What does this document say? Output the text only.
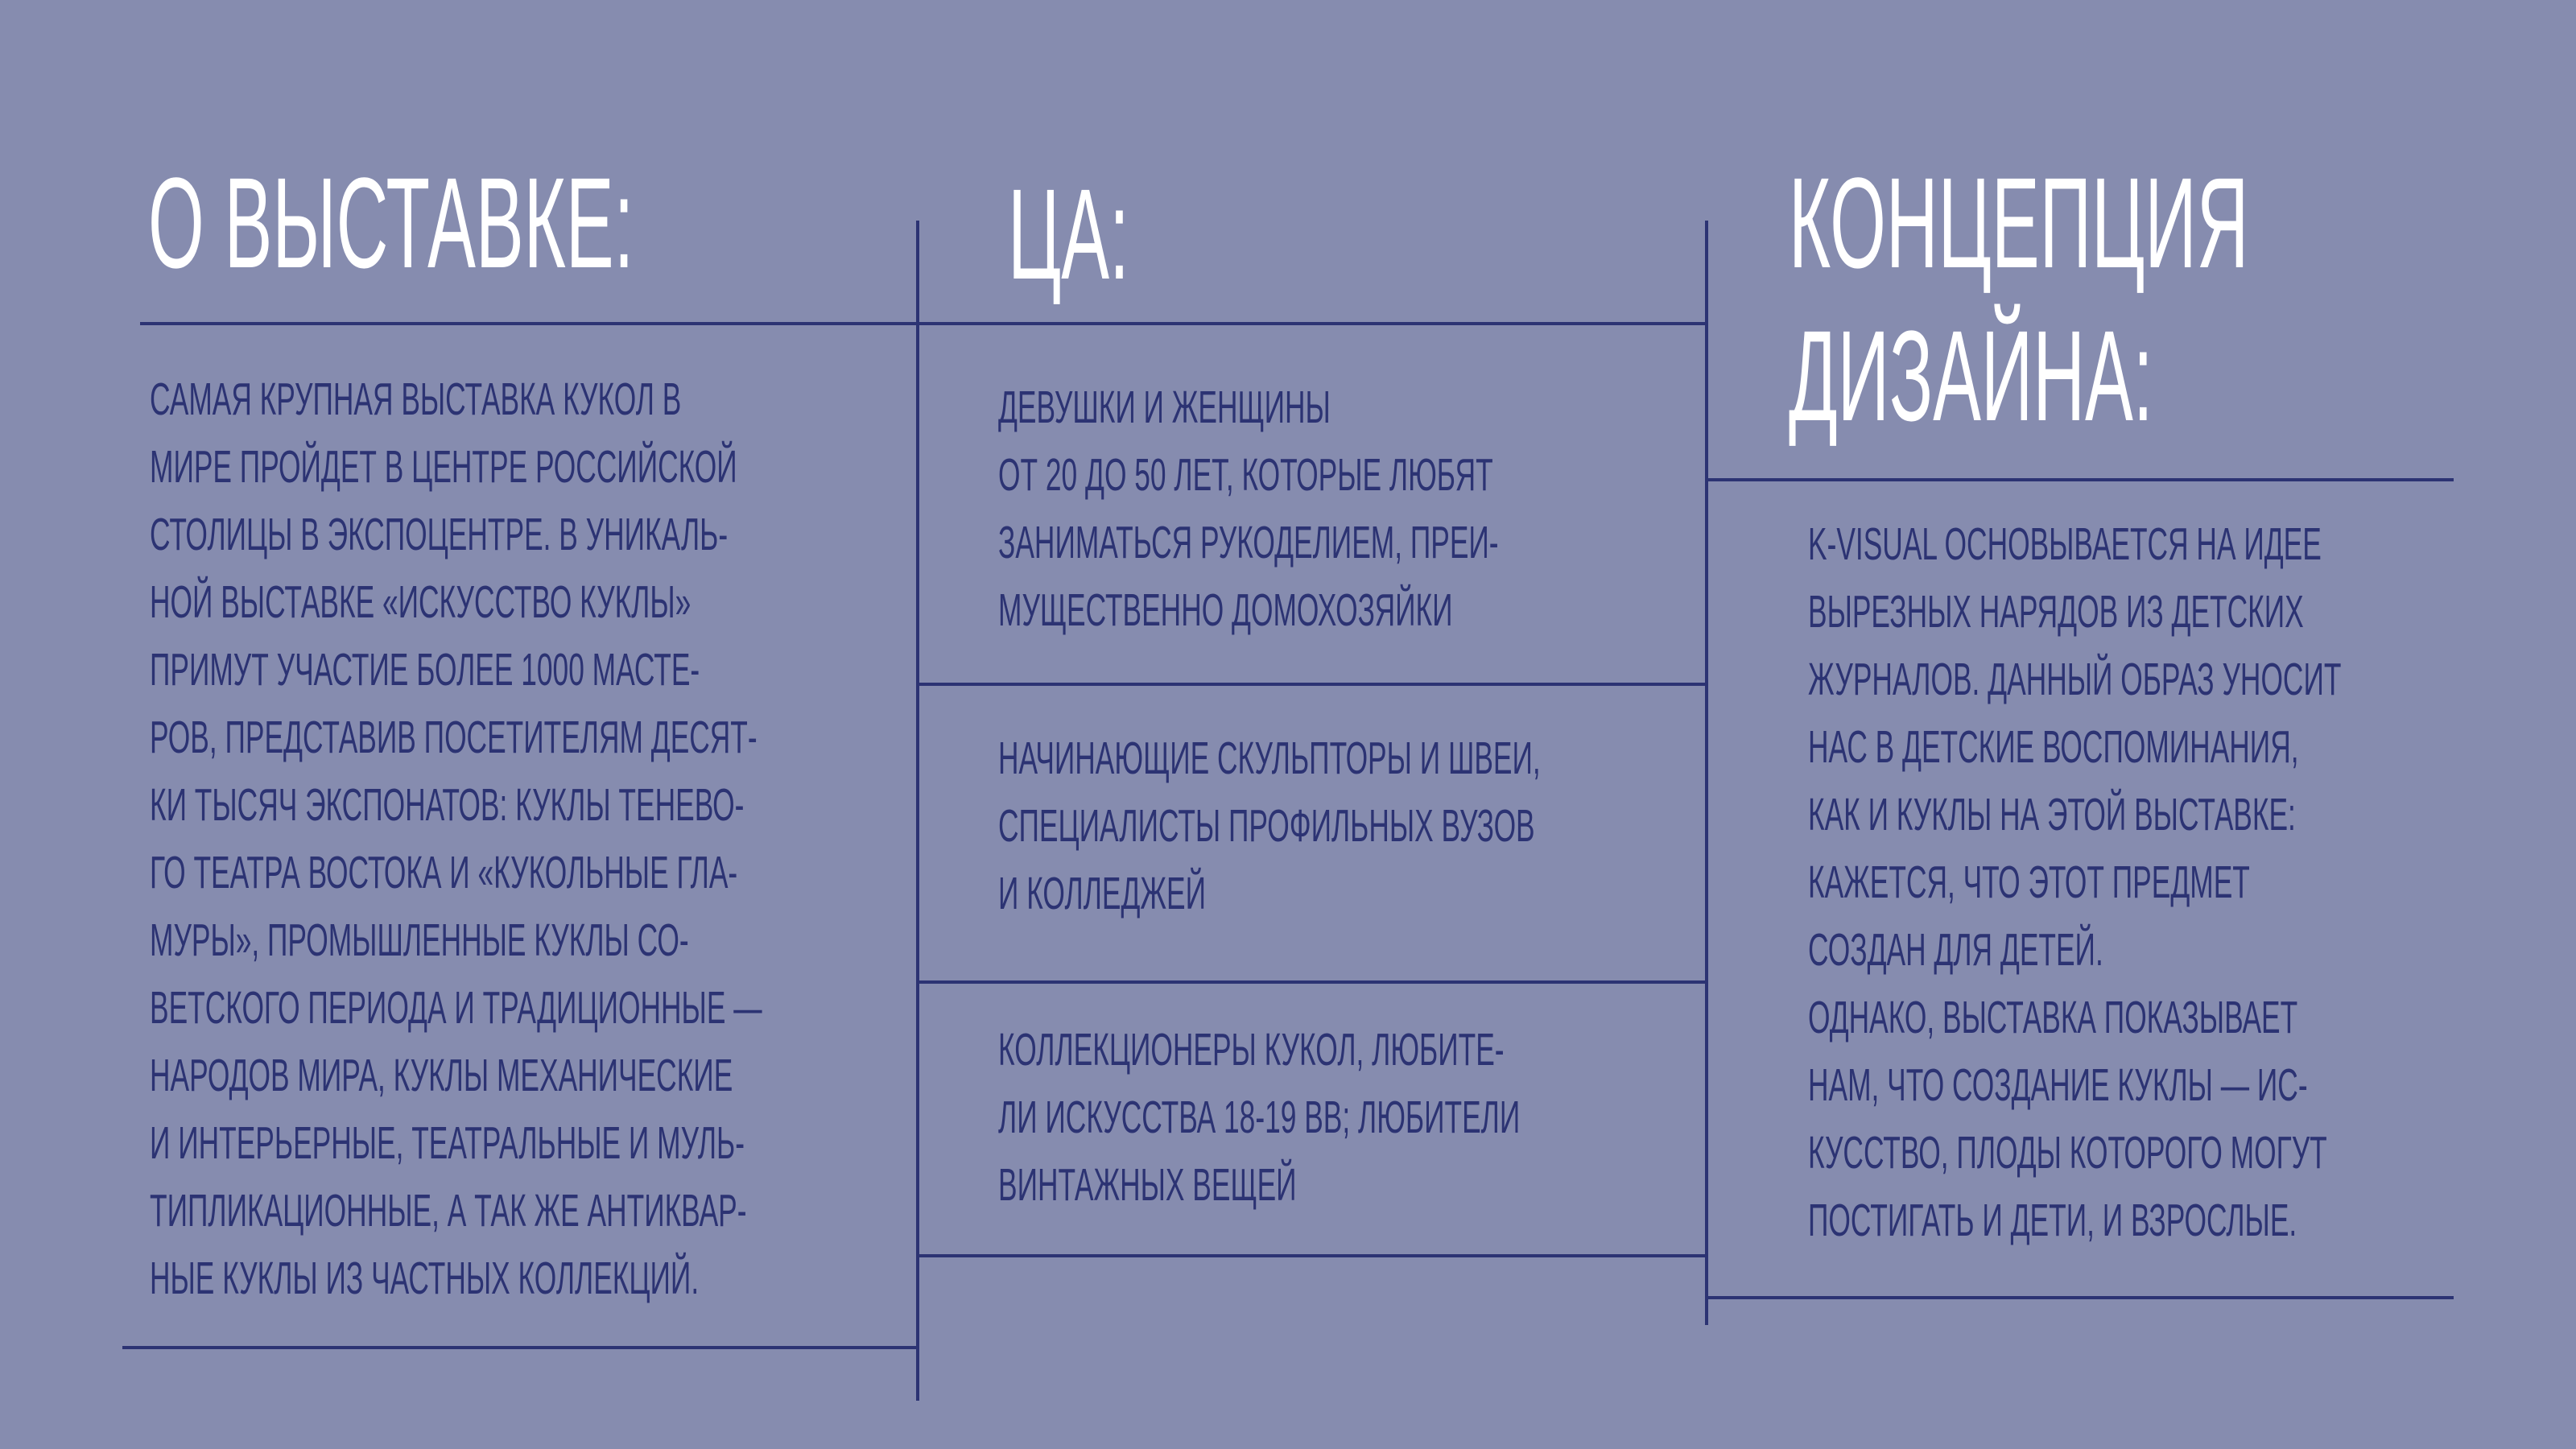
О ВЫСТАВКЕ:	ЦА:	КОНЦЕПЦИЯ
ДИЗАЙНА:
САМАЯ КРУПНАЯ ВЫСТАВКА КУКОЛ В
МИРЕ ПРОЙДЕТ В ЦЕНТРЕ РОССИЙСКОЙ
СТОЛИЦЫ В ЭКСПОЦЕНТРЕ. В УНИКАЛЬ-
НОЙ ВЫСТАВКЕ «ИСКУССТВО КУКЛЫ»
ПРИМУТ УЧАСТИЕ БОЛЕЕ 1000 МАСТЕ-
РОВ, ПРЕДСТАВИВ ПОСЕТИТЕЛЯМ ДЕСЯТ-
КИ ТЫСЯЧ ЭКСПОНАТОВ: КУКЛЫ ТЕНЕВО-
ГО ТЕАТРА ВОСТОКА И «КУКОЛЬНЫЕ ГЛА-
МУРЫ», ПРОМЫШЛЕННЫЕ КУКЛЫ СО-
ВЕТСКОГО ПЕРИОДА И ТРАДИЦИОННЫЕ —
НАРОДОВ МИРА, КУКЛЫ МЕХАНИЧЕСКИЕ
И ИНТЕРЬЕРНЫЕ, ТЕАТРАЛЬНЫЕ И МУЛЬ-
ТИПЛИКАЦИОННЫЕ, А ТАК ЖЕ АНТИКВАР-
НЫЕ КУКЛЫ ИЗ ЧАСТНЫХ КОЛЛЕКЦИЙ.
ДЕВУШКИ И ЖЕНЩИНЫ
ОТ 20 ДО 50 ЛЕТ, КОТОРЫЕ ЛЮБЯТ
ЗАНИМАТЬСЯ РУКОДЕЛИЕМ, ПРЕИ-
МУЩЕСТВЕННО ДОМОХОЗЯЙКИ
НАЧИНАЮЩИЕ СКУЛЬПТОРЫ И ШВЕИ,
СПЕЦИАЛИСТЫ ПРОФИЛЬНЫХ ВУЗОВ
И КОЛЛЕДЖЕЙ
КОЛЛЕКЦИОНЕРЫ КУКОЛ, ЛЮБИТЕ-
ЛИ ИСКУССТВА 18-19 ВВ; ЛЮБИТЕЛИ
ВИНТАЖНЫХ ВЕЩЕЙ
K-VISUAL ОСНОВЫВАЕТСЯ НА ИДЕЕ
ВЫРЕЗНЫХ НАРЯДОВ ИЗ ДЕТСКИХ
ЖУРНАЛОВ. ДАННЫЙ ОБРАЗ УНОСИТ
НАС В ДЕТСКИЕ ВОСПОМИНАНИЯ,
КАК И КУКЛЫ НА ЭТОЙ ВЫСТАВКЕ:
КАЖЕТСЯ, ЧТО ЭТОТ ПРЕДМЕТ
СОЗДАН ДЛЯ ДЕТЕЙ.
ОДНАКО, ВЫСТАВКА ПОКАЗЫВАЕТ
НАМ, ЧТО СОЗДАНИЕ КУКЛЫ — ИС-
КУССТВО, ПЛОДЫ КОТОРОГО МОГУТ
ПОСТИГАТЬ И ДЕТИ, И ВЗРОСЛЫЕ.
